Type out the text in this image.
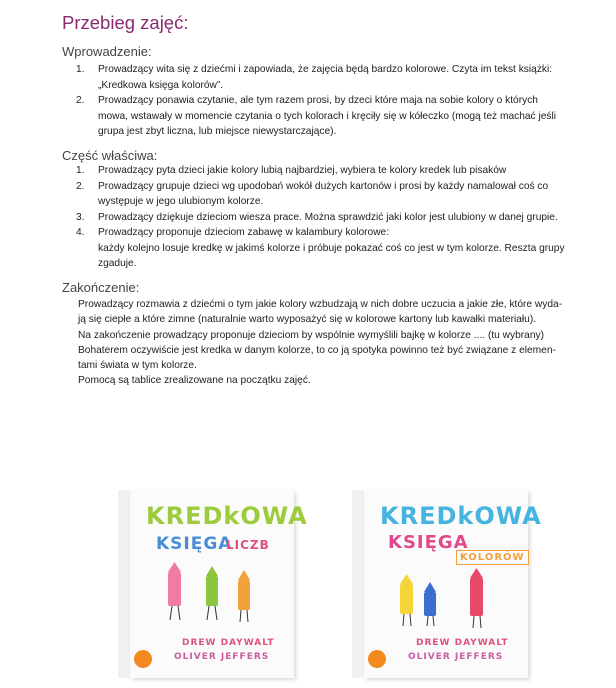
Przebieg zajęć:
Wprowadzenie:
1. Prowadzący wita się z dziećmi i zapowiada, że zajęcia będą bardzo kolorowe. Czyta im tekst książki:
„Kredkowa księga kolorów”.
2. Prowadzący ponawia czytanie, ale tym razem prosi, by dzeci które maja na sobie kolory o których
mowa, wstawały w momencie czytania o tych kolorach i kręciły się w kółeczko (mogą też machać jeśli
grupa jest zbyt liczna, lub miejsce niewystarczające).
Część właściwa:
1. Prowadzący pyta dzieci jakie kolory lubią najbardziej, wybiera te kolory kredek lub pisaków
2. Prowadzący grupuje dzieci wg upodobań wokół dużych kartonów i prosi by każdy namalował coś co
występuje w jego ulubionym kolorze.
3. Prowadzący dziękuje dzieciom wiesza prace. Można sprawdzić jaki kolor jest ulubiony w danej grupie.
4. Prowadzący proponuje dzieciom zabawę w kalambury kolorowe:
każdy kolejno losuje kredkę w jakimś kolorze i próbuje pokazać coś co jest w tym kolorze. Reszta grupy
zgaduje.
Zakończenie:

Prowadzący rozmawia z dziećmi o tym jakie kolory wzbudzają w nich dobre uczucia a jakie złe, które wyda-

ją się ciepłe a które zimne (naturalnie warto wyposażyć się w kolorowe kartony lub kawałki materiału).

Na zakończenie prowadzący proponuje dzieciom by wspólnie wymyślili bajkę w kolorze .... (tu wybrany)

Bohaterem oczywiście jest kredka w danym kolorze, to co ją spotyka powinno też być związane z elemen-

tami świata w tym kolorze.

Pomocą są tablice zrealizowane na początku zajęć.

KREDkOWA
KSIĘGA
LICZB
DREW DAYWALT
OLIVER JEFFERS
KREDkOWA
KSIĘGA
KOLORÓW
DREW DAYWALT
OLIVER JEFFERS
